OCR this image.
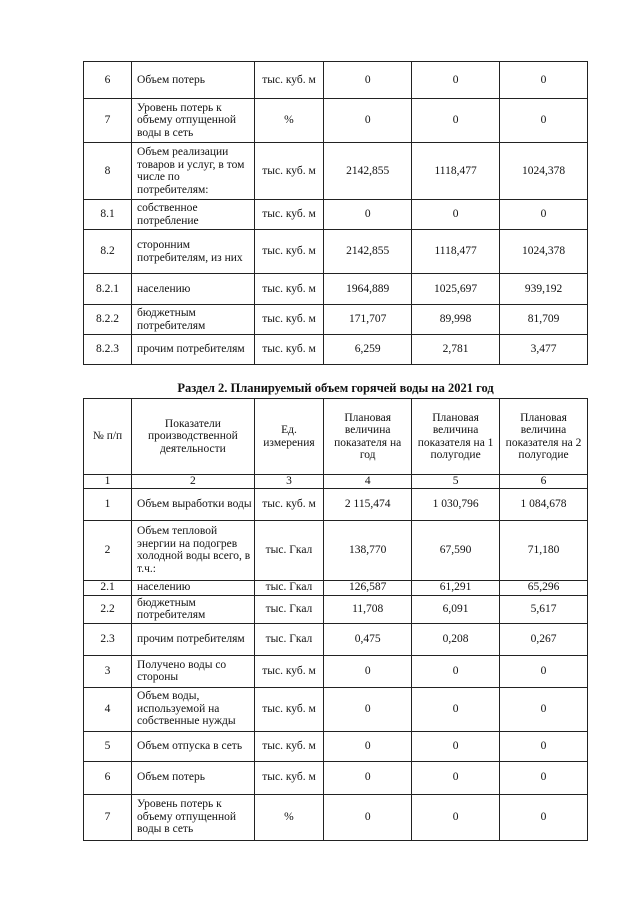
6	Объем потерь	тыс. куб. м	0	0	0
7	Уровень потерь к объему отпущенной воды в сеть	%	0	0	0
8	Объем реализации товаров и услуг, в том числе по потребителям:	тыс. куб. м	2142,855	1118,477	1024,378
8.1	собственное потребление	тыс. куб. м	0	0	0
8.2	сторонним потребителям, из них	тыс. куб. м	2142,855	1118,477	1024,378
8.2.1	населению	тыс. куб. м	1964,889	1025,697	939,192
8.2.2	бюджетным потребителям	тыс. куб. м	171,707	89,998	81,709
8.2.3	прочим потребителям	тыс. куб. м	6,259	2,781	3,477
Раздел 2. Планируемый объем горячей воды на 2021 год
№ п/п	Показатели производственной деятельности	Ед. измерения	Плановая величина показателя на год	Плановая величина показателя на 1 полугодие	Плановая величина показателя на 2 полугодие
1	2	3	4	5	6
1	Объем выработки воды	тыс. куб. м	2 115,474	1 030,796	1 084,678
2	Объем тепловой энергии на подогрев холодной воды всего, в т.ч.:	тыс. Гкал	138,770	67,590	71,180
2.1	населению	тыс. Гкал	126,587	61,291	65,296
2.2	бюджетным потребителям	тыс. Гкал	11,708	6,091	5,617
2.3	прочим потребителям	тыс. Гкал	0,475	0,208	0,267
3	Получено воды со стороны	тыс. куб. м	0	0	0
4	Объем воды, используемой на собственные нужды	тыс. куб. м	0	0	0
5	Объем отпуска в сеть	тыс. куб. м	0	0	0
6	Объем потерь	тыс. куб. м	0	0	0
7	Уровень потерь к объему отпущенной воды в сеть	%	0	0	0
